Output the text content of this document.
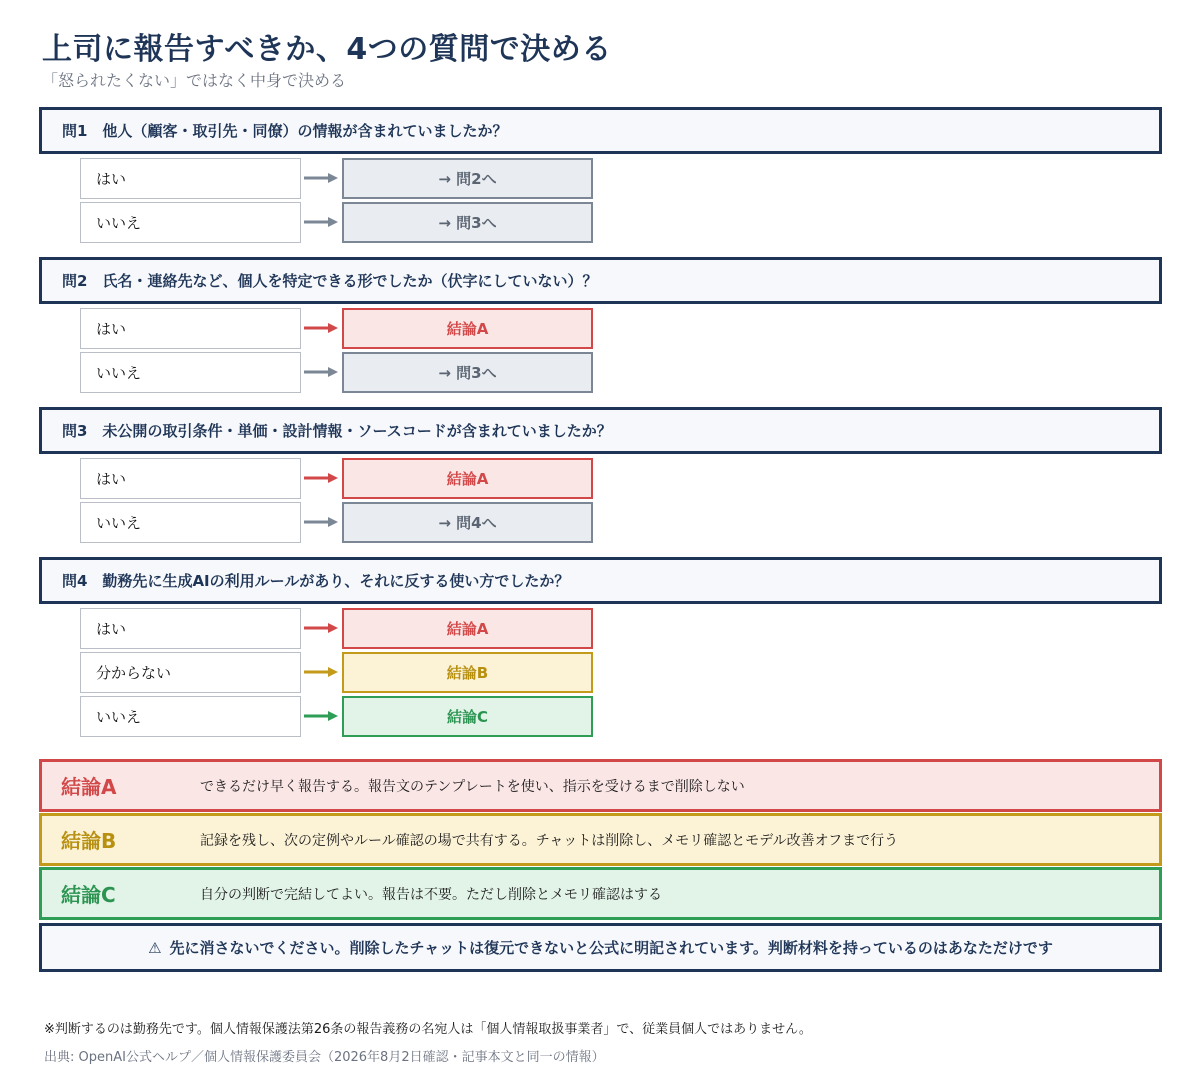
上司に報告すべきか、4つの質問で決める
「怒られたくない」ではなく中身で決める
問1　他人（顧客・取引先・同僚）の情報が含まれていましたか？
はい	→ 問2へ
いいえ	→ 問3へ
問2　氏名・連絡先など、個人を特定できる形でしたか（伏字にしていない）？
はい	結論A
いいえ	→ 問3へ
問3　未公開の取引条件・単価・設計情報・ソースコードが含まれていましたか？
はい	結論A
いいえ	→ 問4へ
問4　勤務先に生成AIの利用ルールがあり、それに反する使い方でしたか？
はい	結論A
分からない	結論B
いいえ	結論C
結論A	できるだけ早く報告する。報告文のテンプレートを使い、指示を受けるまで削除しない
結論B	記録を残し、次の定例やルール確認の場で共有する。チャットは削除し、メモリ確認とモデル改善オフまで行う
結論C	自分の判断で完結してよい。報告は不要。ただし削除とメモリ確認はする
⚠ 先に消さないでください。削除したチャットは復元できないと公式に明記されています。判断材料を持っているのはあなただけです
※判断するのは勤務先です。個人情報保護法第26条の報告義務の名宛人は「個人情報取扱事業者」で、従業員個人ではありません。
出典: OpenAI公式ヘルプ／個人情報保護委員会（2026年8月2日確認・記事本文と同一の情報）
